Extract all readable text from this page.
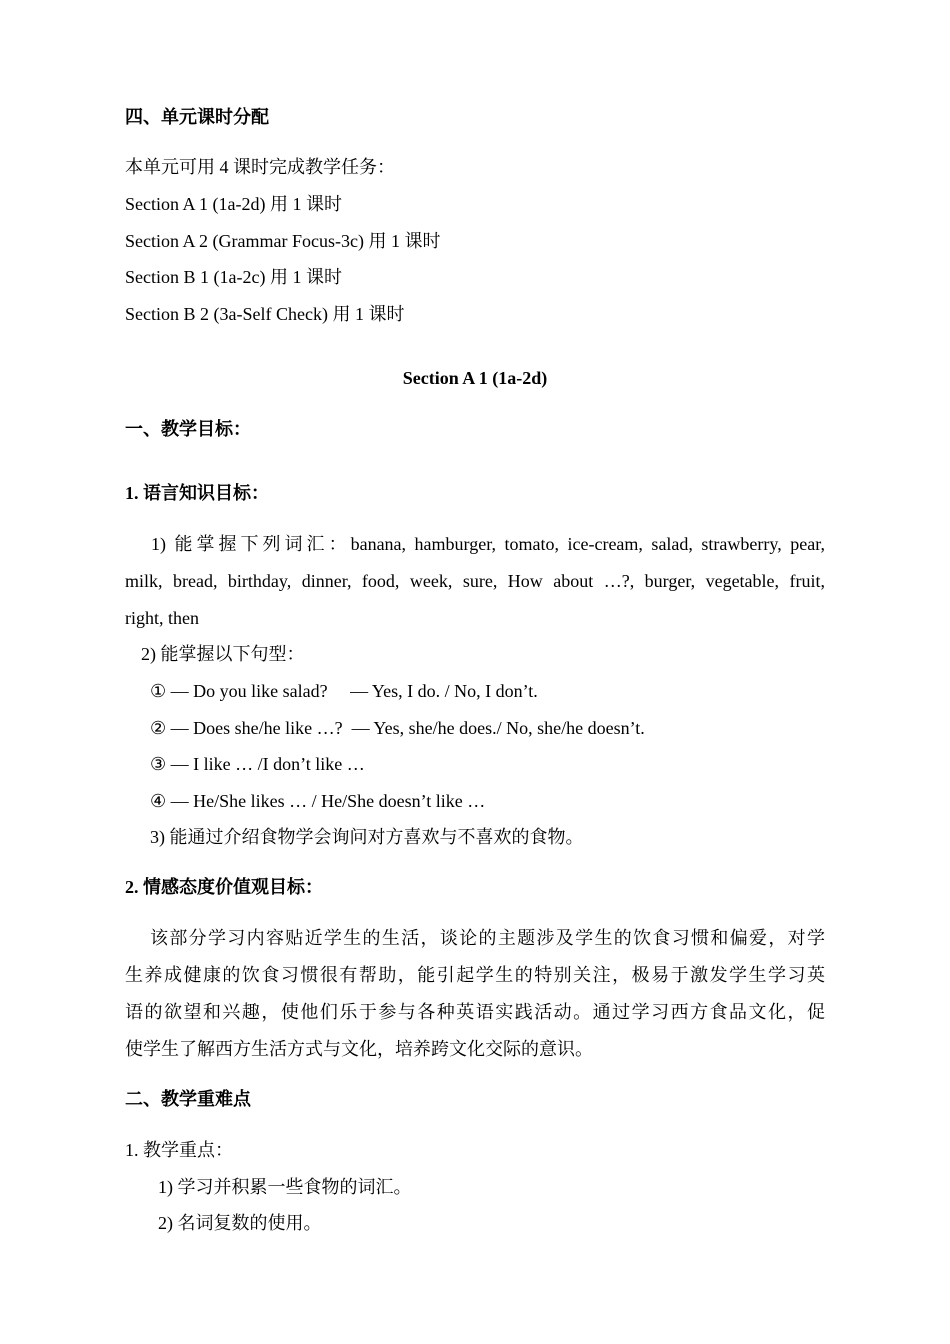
四、单元课时分配
本单元可用 4 课时完成教学任务：
Section A 1 (1a-2d) 用 1 课时
Section A 2 (Grammar Focus-3c) 用 1 课时
Section B 1 (1a-2c) 用 1 课时
Section B 2 (3a-Self Check) 用 1 课时
Section A 1 (1a-2d)
一、教学目标：
1. 语言知识目标：
1) 能掌握下列词汇：banana, hamburger, tomato, ice-cream, salad, strawberry, pear,
milk, bread, birthday, dinner, food, week, sure, How about …?, burger, vegetable, fruit,
right, then
2) 能掌握以下句型：
① — Do you like salad?     — Yes, I do. / No, I don’t.
② — Does she/he like …?  — Yes, she/he does./ No, she/he doesn’t.
③ — I like … /I don’t like …
④ — He/She likes … / He/She doesn’t like …
3) 能通过介绍食物学会询问对方喜欢与不喜欢的食物。
2. 情感态度价值观目标：
该部分学习内容贴近学生的生活，谈论的主题涉及学生的饮食习惯和偏爱，对学
生养成健康的饮食习惯很有帮助，能引起学生的特别关注，极易于激发学生学习英
语的欲望和兴趣，使他们乐于参与各种英语实践活动。通过学习西方食品文化，促
使学生了解西方生活方式与文化，培养跨文化交际的意识。
二、教学重难点
1. 教学重点：
1) 学习并积累一些食物的词汇。
2) 名词复数的使用。
